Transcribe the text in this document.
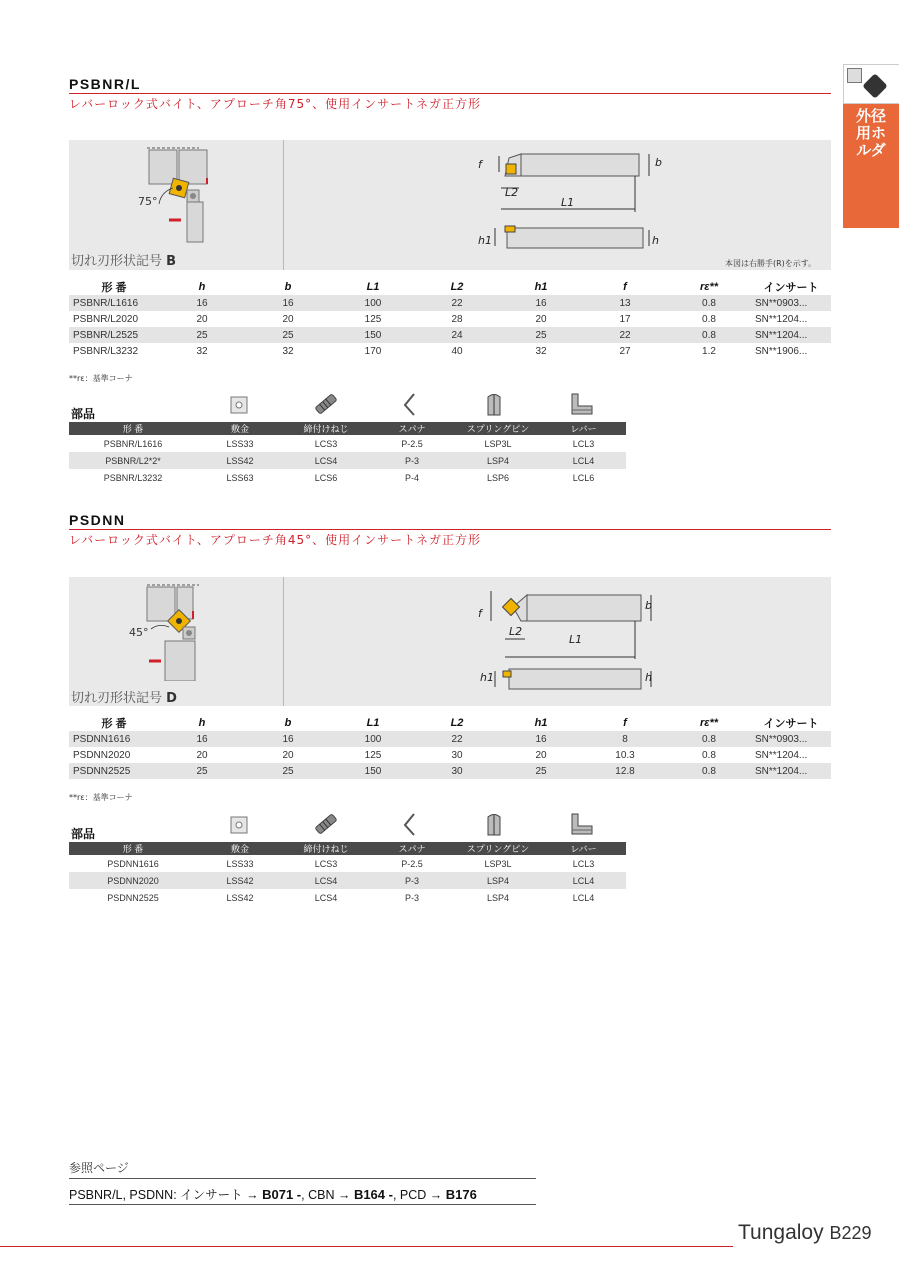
外径用ホルダ
PSBNR/L
レバーロック式バイト、アプローチ角75°、使用インサートネガ正方形
75°
切れ刃形状記号 B
f	b
L2
L1
h1	h
本図は右勝手(R)を示す。
形 番	h	b	L1	L2	h1	f	rε**	インサート
PSBNR/L1616	16	16	100	22	16	13	0.8	SN**0903...
PSBNR/L2020	20	20	125	28	20	17	0.8	SN**1204...
PSBNR/L2525	25	25	150	24	25	22	0.8	SN**1204...
PSBNR/L3232	32	32	170	40	32	27	1.2	SN**1906...
**rε：基準コーナ
部品
形 番	敷金	締付けねじ	スパナ	スプリングピン	レバー
PSBNR/L1616	LSS33	LCS3	P-2.5	LSP3L	LCL3
PSBNR/L2*2*	LSS42	LCS4	P-3	LSP4	LCL4
PSBNR/L3232	LSS63	LCS6	P-4	LSP6	LCL6
PSDNN
レバーロック式バイト、アプローチ角45°、使用インサートネガ正方形
45°
切れ刃形状記号 D
f
b
L2
L1
h1	h
形 番	h	b	L1	L2	h1	f	rε**	インサート
PSDNN1616	16	16	100	22	16	8	0.8	SN**0903...
PSDNN2020	20	20	125	30	20	10.3	0.8	SN**1204...
PSDNN2525	25	25	150	30	25	12.8	0.8	SN**1204...
**rε：基準コーナ
部品
形 番	敷金	締付けねじ	スパナ	スプリングピン	レバー
PSDNN1616	LSS33	LCS3	P-2.5	LSP3L	LCL3
PSDNN2020	LSS42	LCS4	P-3	LSP4	LCL4
PSDNN2525	LSS42	LCS4	P-3	LSP4	LCL4
参照ページ
PSBNR/L, PSDNN: インサート → B071 -, CBN → B164 -, PCD → B176
Tungaloy B229
